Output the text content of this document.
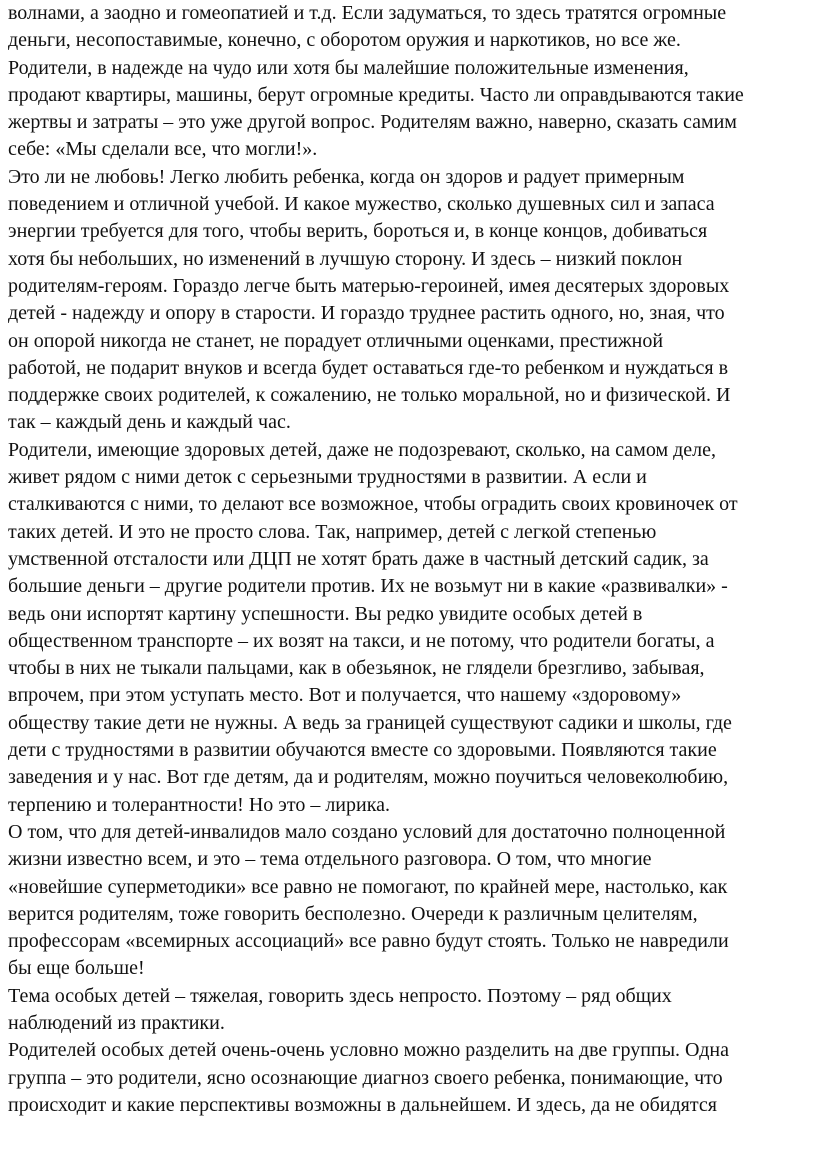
волнами, а заодно и гомеопатией и т.д. Если задуматься, то здесь тратятся огромные
деньги, несопоставимые, конечно, с оборотом оружия и наркотиков, но все же.
Родители, в надежде на чудо или хотя бы малейшие положительные изменения,
продают квартиры, машины, берут огромные кредиты. Часто ли оправдываются такие
жертвы и затраты – это уже другой вопрос. Родителям важно, наверно, сказать самим
себе: «Мы сделали все, что могли!».
Это ли не любовь! Легко любить ребенка, когда он здоров и радует примерным
поведением и отличной учебой. И какое мужество, сколько душевных сил и запаса
энергии требуется для того, чтобы верить, бороться и, в конце концов, добиваться
хотя бы небольших, но изменений в лучшую сторону. И здесь – низкий поклон
родителям-героям. Гораздо легче быть матерью-героиней, имея десятерых здоровых
детей - надежду и опору в старости. И гораздо труднее растить одного, но, зная, что
он опорой никогда не станет, не порадует отличными оценками, престижной
работой, не подарит внуков и всегда будет оставаться где-то ребенком и нуждаться в
поддержке своих родителей, к сожалению, не только моральной, но и физической. И
так – каждый день и каждый час.
Родители, имеющие здоровых детей, даже не подозревают, сколько, на самом деле,
живет рядом с ними деток с серьезными трудностями в развитии. А если и
сталкиваются с ними, то делают все возможное, чтобы оградить своих кровиночек от
таких детей. И это не просто слова. Так, например, детей с легкой степенью
умственной отсталости или ДЦП не хотят брать даже в частный детский садик, за
большие деньги – другие родители против. Их не возьмут ни в какие «развивалки» -
ведь они испортят картину успешности. Вы редко увидите особых детей в
общественном транспорте – их возят на такси, и не потому, что родители богаты, а
чтобы в них не тыкали пальцами, как в обезьянок, не глядели брезгливо, забывая,
впрочем, при этом уступать место. Вот и получается, что нашему «здоровому»
обществу такие дети не нужны. А ведь за границей существуют садики и школы, где
дети с трудностями в развитии обучаются вместе со здоровыми. Появляются такие
заведения и у нас. Вот где детям, да и родителям, можно поучиться человеколюбию,
терпению и толерантности! Но это – лирика.
О том, что для детей-инвалидов мало создано условий для достаточно полноценной
жизни известно всем, и это – тема отдельного разговора. О том, что многие
«новейшие суперметодики» все равно не помогают, по крайней мере, настолько, как
верится родителям, тоже говорить бесполезно. Очереди к различным целителям,
профессорам «всемирных ассоциаций» все равно будут стоять. Только не навредили
бы еще больше!
Тема особых детей – тяжелая, говорить здесь непросто. Поэтому – ряд общих
наблюдений из практики.
Родителей особых детей очень-очень условно можно разделить на две группы. Одна
группа – это родители, ясно осознающие диагноз своего ребенка, понимающие, что
происходит и какие перспективы возможны в дальнейшем. И здесь, да не обидятся
